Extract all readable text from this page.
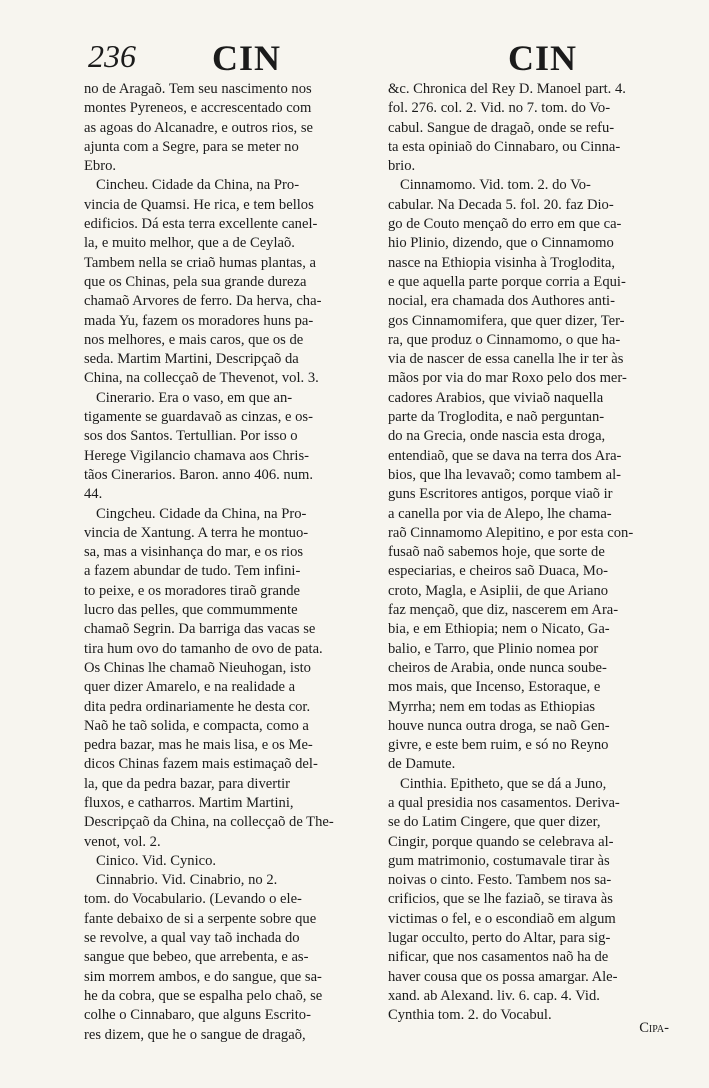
236 CIN	CIN
no de Aragaõ. Tem seu nascimento nos
montes Pyreneos, e accrescentado com
as agoas do Alcanadre, e outros rios, se
ajunta com a Segre, para se meter no
Ebro.
Cincheu. Cidade da China, na Pro-
vincia de Quamsi. He rica, e tem bellos
edificios. Dá esta terra excellente canel-
la, e muito melhor, que a de Ceylaõ.
Tambem nella se criaõ humas plantas, a
que os Chinas, pela sua grande dureza
chamaõ Arvores de ferro. Da herva, cha-
mada Yu, fazem os moradores huns pa-
nos melhores, e mais caros, que os de
seda. Martim Martini, Descripçaõ da
China, na collecçaõ de Thevenot, vol. 3.
Cinerario. Era o vaso, em que an-
tigamente se guardavaõ as cinzas, e os-
sos dos Santos. Tertullian. Por isso o
Herege Vigilancio chamava aos Chris-
tãos Cinerarios. Baron. anno 406. num.
44.
Cingcheu. Cidade da China, na Pro-
vincia de Xantung. A terra he montuo-
sa, mas a visinhança do mar, e os rios
a fazem abundar de tudo. Tem infini-
to peixe, e os moradores tiraõ grande
lucro das pelles, que commummente
chamaõ Segrin. Da barriga das vacas se
tira hum ovo do tamanho de ovo de pata.
Os Chinas lhe chamaõ Nieuhogan, isto
quer dizer Amarelo, e na realidade a
dita pedra ordinariamente he desta cor.
Naõ he taõ solida, e compacta, como a
pedra bazar, mas he mais lisa, e os Me-
dicos Chinas fazem mais estimaçaõ del-
la, que da pedra bazar, para divertir
fluxos, e catharros. Martim Martini,
Descripçaõ da China, na collecçaõ de The-
venot, vol. 2.
Cinico. Vid. Cynico.
Cinnabrio. Vid. Cinabrio, no 2.
tom. do Vocabulario. (Levando o ele-
fante debaixo de si a serpente sobre que
se revolve, a qual vay taõ inchada do
sangue que bebeo, que arrebenta, e as-
sim morrem ambos, e do sangue, que sa-
he da cobra, que se espalha pelo chaõ, se
colhe o Cinnabaro, que alguns Escrito-
res dizem, que he o sangue de dragaõ,
&c. Chronica del Rey D. Manoel part. 4.
fol. 276. col. 2. Vid. no 7. tom. do Vo-
cabul. Sangue de dragaõ, onde se refu-
ta esta opiniaõ do Cinnabaro, ou Cinna-
brio.
Cinnamomo. Vid. tom. 2. do Vo-
cabular. Na Decada 5. fol. 20. faz Dio-
go de Couto mençaõ do erro em que ca-
hio Plinio, dizendo, que o Cinnamomo
nasce na Ethiopia visinha à Troglodita,
e que aquella parte porque corria a Equi-
nocial, era chamada dos Authores anti-
gos Cinnamomifera, que quer dizer, Ter-
ra, que produz o Cinnamomo, o que ha-
via de nascer de essa canella lhe ir ter às
mãos por via do mar Roxo pelo dos mer-
cadores Arabios, que viviaõ naquella
parte da Troglodita, e naõ perguntan-
do na Grecia, onde nascia esta droga,
entendiaõ, que se dava na terra dos Ara-
bios, que lha levavaõ; como tambem al-
guns Escritores antigos, porque viaõ ir
a canella por via de Alepo, lhe chama-
raõ Cinnamomo Alepitino, e por esta con-
fusaõ naõ sabemos hoje, que sorte de
especiarias, e cheiros saõ Duaca, Mo-
croto, Magla, e Asiplii, de que Ariano
faz mençaõ, que diz, nascerem em Ara-
bia, e em Ethiopia; nem o Nicato, Ga-
balio, e Tarro, que Plinio nomea por
cheiros de Arabia, onde nunca soube-
mos mais, que Incenso, Estoraque, e
Myrrha; nem em todas as Ethiopias
houve nunca outra droga, se naõ Gen-
givre, e este bem ruim, e só no Reyno
de Damute.
Cinthia. Epitheto, que se dá a Juno,
a qual presidia nos casamentos. Deriva-
se do Latim Cingere, que quer dizer,
Cingir, porque quando se celebrava al-
gum matrimonio, costumavale tirar às
noivas o cinto. Festo. Tambem nos sa-
crificios, que se lhe faziaõ, se tirava às
victimas o fel, e o escondiaõ em algum
lugar occulto, perto do Altar, para sig-
nificar, que nos casamentos naõ ha de
haver cousa que os possa amargar. Ale-
xand. ab Alexand. liv. 6. cap. 4. Vid.
Cynthia tom. 2. do Vocabul.
Cipa-
